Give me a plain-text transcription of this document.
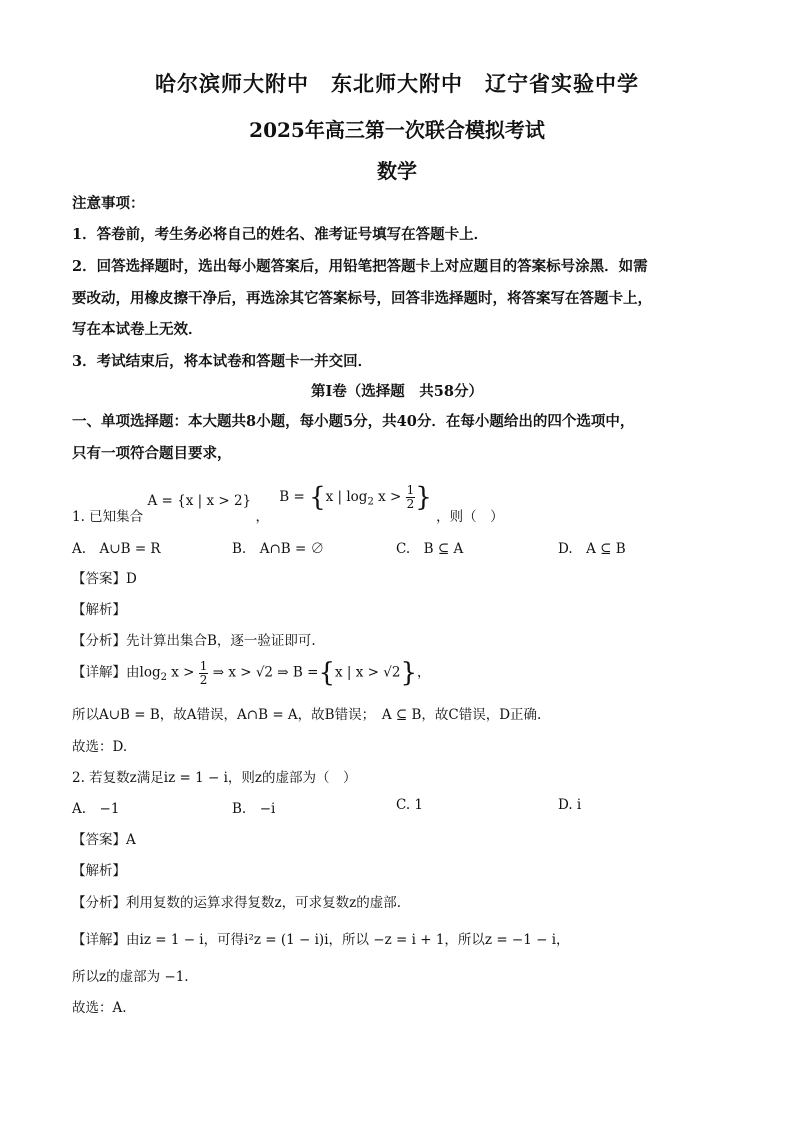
哈尔滨师大附中　东北师大附中　辽宁省实验中学
2025年高三第一次联合模拟考试
数学
注意事项：
1．答卷前，考生务必将自己的姓名、准考证号填写在答题卡上．
2．回答选择题时，选出每小题答案后，用铅笔把答题卡上对应题目的答案标号涂黑．如需
要改动，用橡皮擦干净后，再选涂其它答案标号，回答非选择题时，将答案写在答题卡上，
写在本试卷上无效．
3．考试结束后，将本试卷和答题卡一并交回．
第Ⅰ卷（选择题　共58分）
一、单项选择题：本大题共8小题，每小题5分，共40分．在每小题给出的四个选项中，
只有一项符合题目要求，
1. 已知集合 A = {x | x > 2} ， B = {x | $\log_2 x > \frac{1}{2}$ } ，则（　）
A.　A∪B = R	B.　A∩B = ∅	C.　B ⊆ A	D.　A ⊆ B
【答案】D
【解析】
【分析】先计算出集合B，逐一验证即可.
【详解】由$\log_2 x > \frac{1}{2}$ ⇒ x > √2 ⇒ B ={x | x > √2}，
所以A∪B = B，故A错误，A∩B = A，故B错误；　A ⊆ B，故C错误，D正确.
故选：D.
2. 若复数z满足iz = 1 − i，则z的虚部为（　）
A.　−1	B.　−i	C. 1	D. i
【答案】A
【解析】
【分析】利用复数的运算求得复数z，可求复数z的虚部.
【详解】由iz = 1 − i，可得i²z = (1 − i)i，所以 −z = i + 1，所以z = −1 − i，
所以z的虚部为 −1.
故选：A.
